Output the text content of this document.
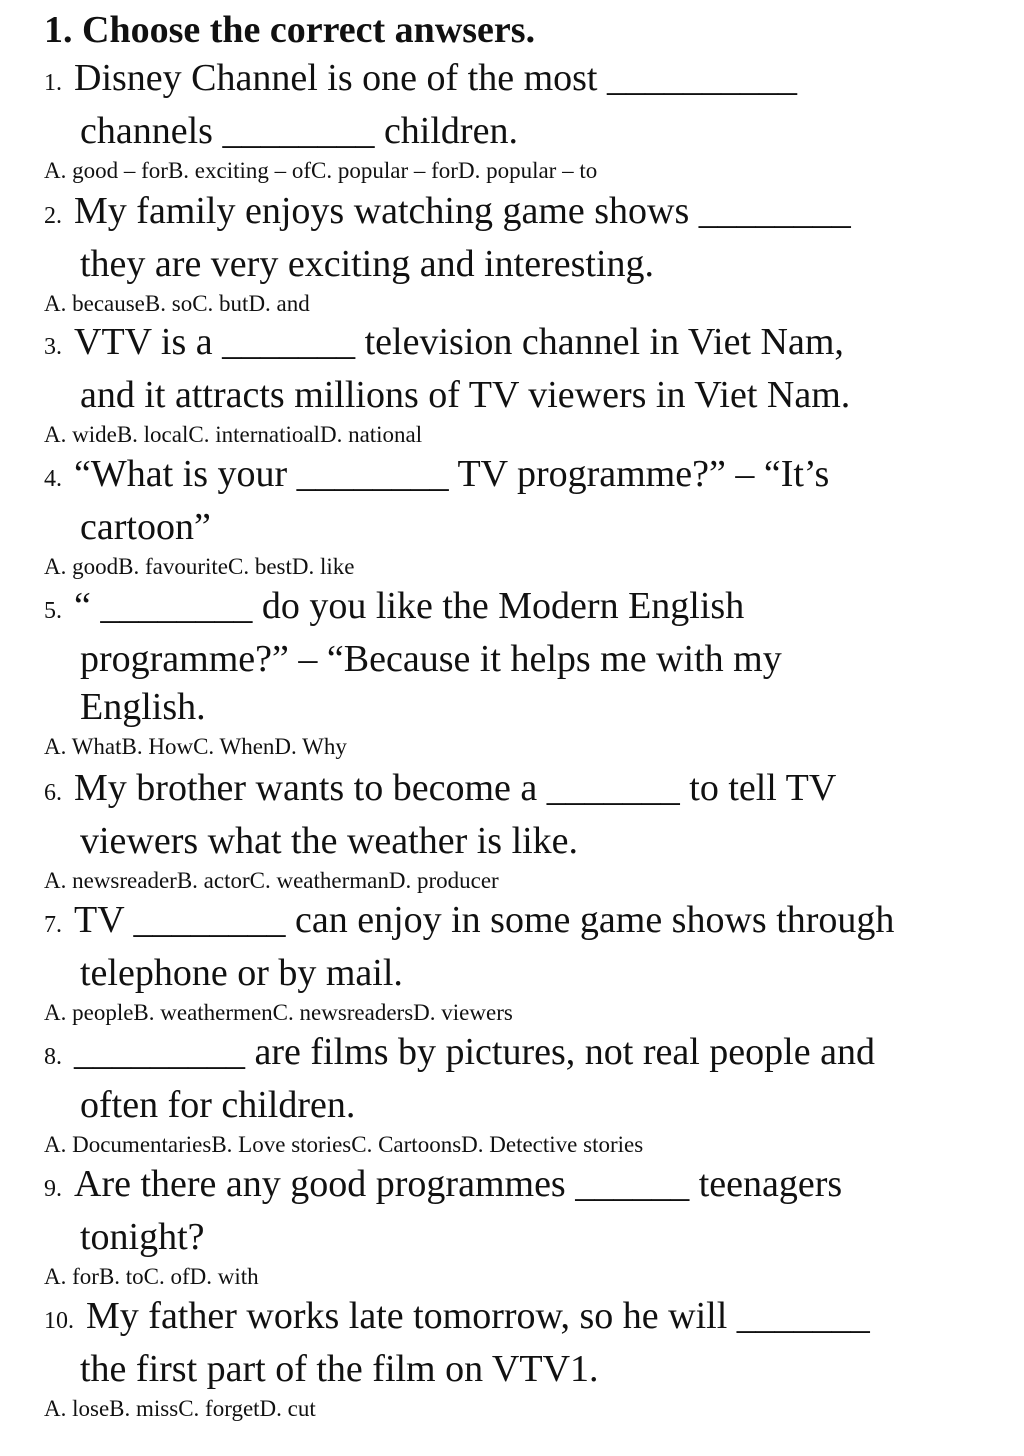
1. Choose the correct anwsers.
1. Disney Channel is one of the most __________
channels ________ children.
A. good – forB. exciting – ofC. popular – forD. popular – to
2. My family enjoys watching game shows ________
they are very exciting and interesting.
A. becauseB. soC. butD. and
3. VTV is a _______ television channel in Viet Nam,
and it attracts millions of TV viewers in Viet Nam.
A. wideB. localC. internatioalD. national
4. “What is your ________ TV programme?” – “It’s
cartoon”
A. goodB. favouriteC. bestD. like
5. “ ________ do you like the Modern English
programme?” – “Because it helps me with my
English.
A. WhatB. HowC. WhenD. Why
6. My brother wants to become a _______ to tell TV
viewers what the weather is like.
A. newsreaderB. actorC. weathermanD. producer
7. TV ________ can enjoy in some game shows through
telephone or by mail.
A. peopleB. weathermenC. newsreadersD. viewers
8. _________ are films by pictures, not real people and
often for children.
A. DocumentariesB. Love storiesC. CartoonsD. Detective stories
9. Are there any good programmes ______ teenagers
tonight?
A. forB. toC. ofD. with
10. My father works late tomorrow, so he will _______
the first part of the film on VTV1.
A. loseB. missC. forgetD. cut
